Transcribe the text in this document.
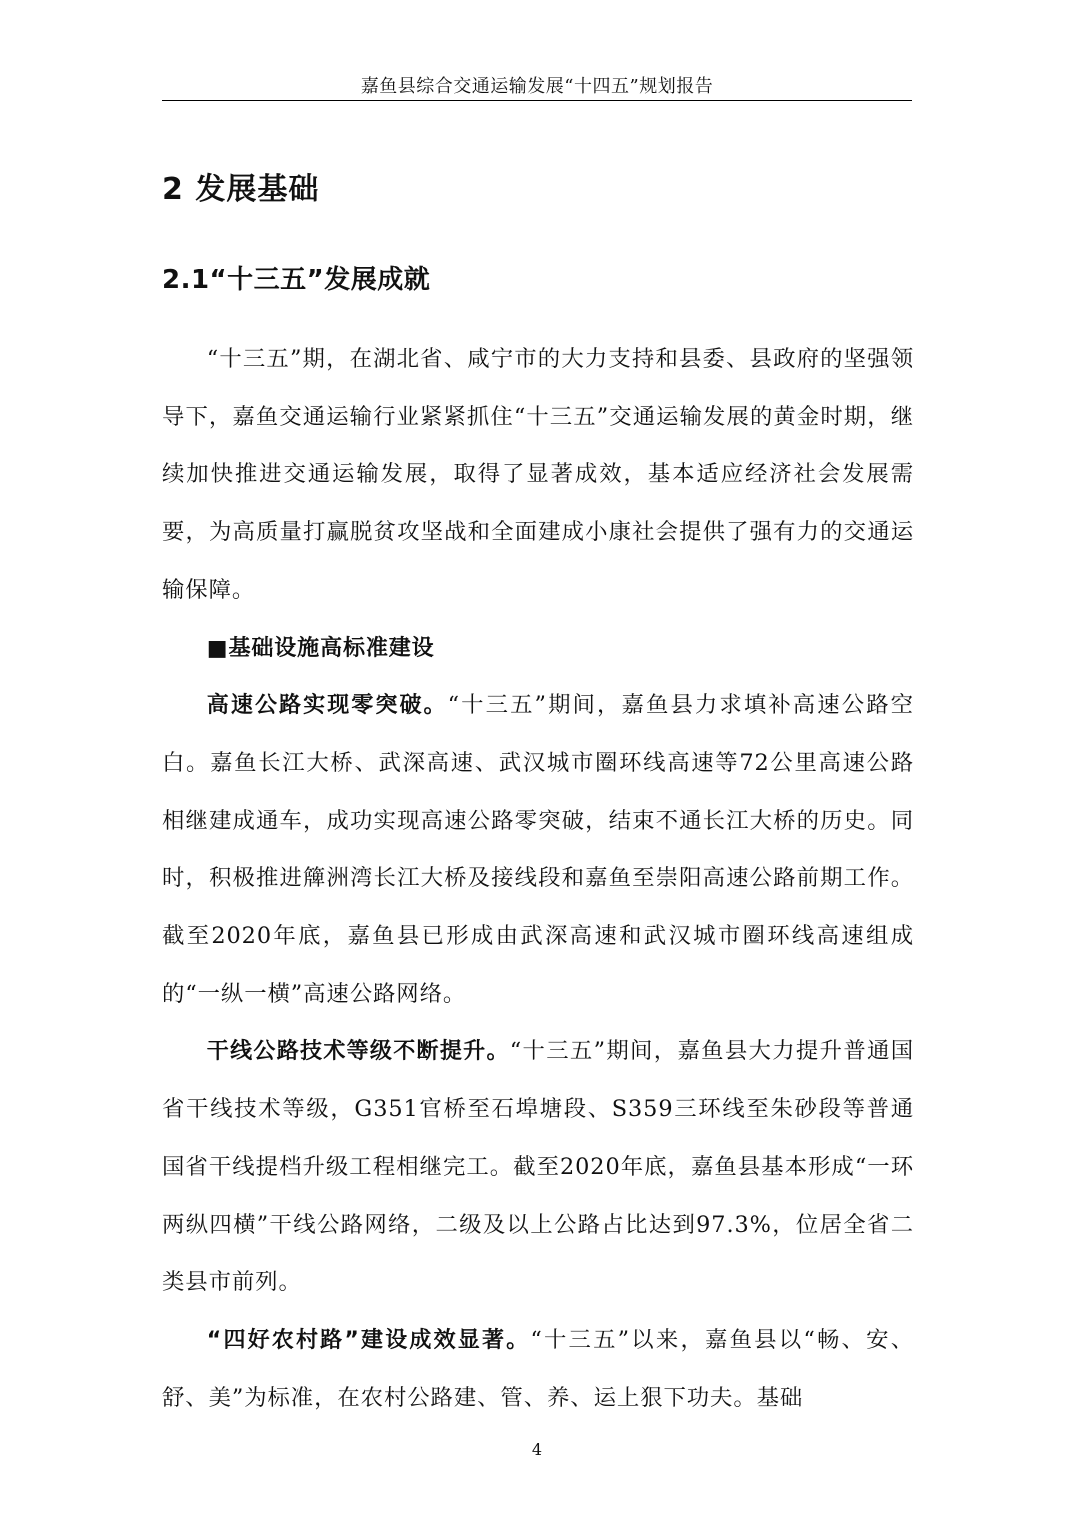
嘉鱼县综合交通运输发展“十四五”规划报告
2 发展基础
2.1“十三五”发展成就

“十三五”期，在湖北省、咸宁市的大力支持和县委、县政府的坚强领导下，嘉鱼交通运输行业紧紧抓住“十三五”交通运输发展的黄金时期，继续加快推进交通运输发展，取得了显著成效，基本适应经济社会发展需要，为高质量打赢脱贫攻坚战和全面建成小康社会提供了强有力的交通运输保障。

■基础设施高标准建设

高速公路实现零突破。“十三五”期间，嘉鱼县力求填补高速公路空白。嘉鱼长江大桥、武深高速、武汉城市圈环线高速等72公里高速公路相继建成通车，成功实现高速公路零突破，结束不通长江大桥的历史。同时，积极推进簰洲湾长江大桥及接线段和嘉鱼至崇阳高速公路前期工作。截至2020年底，嘉鱼县已形成由武深高速和武汉城市圈环线高速组成的“一纵一横”高速公路网络。

干线公路技术等级不断提升。“十三五”期间，嘉鱼县大力提升普通国省干线技术等级，G351官桥至石埠塘段、S359三环线至朱砂段等普通国省干线提档升级工程相继完工。截至2020年底，嘉鱼县基本形成“一环两纵四横”干线公路网络，二级及以上公路占比达到97.3%，位居全省二类县市前列。

“四好农村路”建设成效显著。“十三五”以来，嘉鱼县以“畅、安、舒、美”为标准，在农村公路建、管、养、运上狠下功夫。基础

4
